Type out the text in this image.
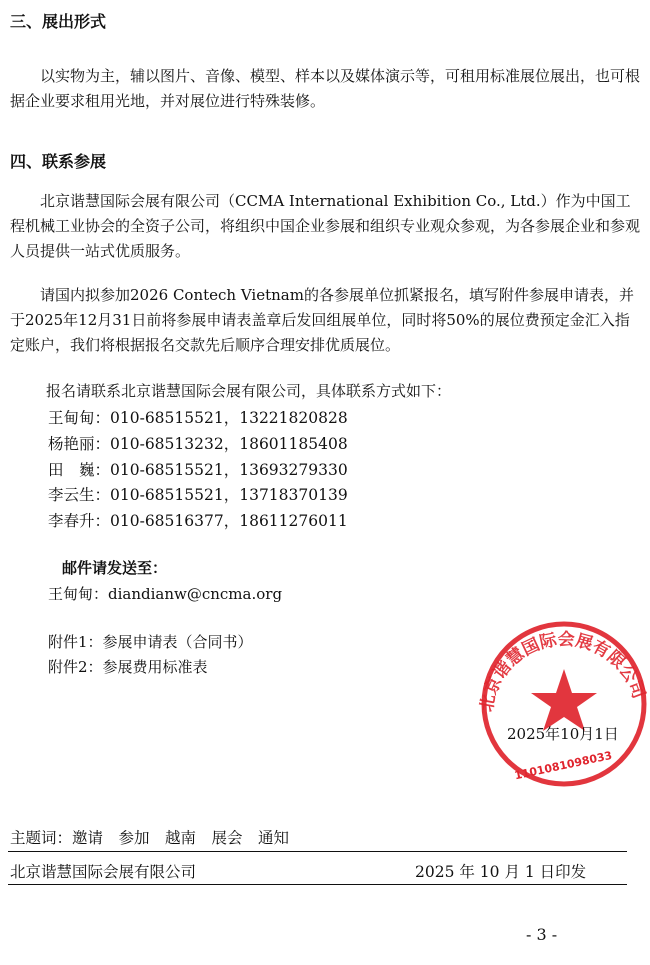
三、展出形式
　　以实物为主，辅以图片、音像、模型、样本以及媒体演示等，可租用标准展位展出，也可根据企业要求租用光地，并对展位进行特殊装修。
四、联系参展
　　北京谐慧国际会展有限公司（CCMA International Exhibition Co., Ltd.）作为中国工程机械工业协会的全资子公司，将组织中国企业参展和组织专业观众参观，为各参展企业和参观人员提供一站式优质服务。
　　请国内拟参加2026 Contech Vietnam的各参展单位抓紧报名，填写附件参展申请表，并于2025年12月31日前将参展申请表盖章后发回组展单位，同时将50%的展位费预定金汇入指定账户，我们将根据报名交款先后顺序合理安排优质展位。
报名请联系北京谐慧国际会展有限公司，具体联系方式如下：
王甸甸：010-68515521，13221820828
杨艳丽：010-68513232，18601185408
田　巍：010-68515521，13693279330
李云生：010-68515521，13718370139
李春升：010-68516377，18611276011
邮件请发送至：
王甸甸：diandianw@cncma.org
附件1：参展申请表（合同书）
附件2：参展费用标准表
北京谐慧国际会展有限公司
1101081098033
2025年10月1日
主题词：邀请　参加　越南　展会　通知
北京谐慧国际会展有限公司	2025 年 10 月 1 日印发
- 3 -
